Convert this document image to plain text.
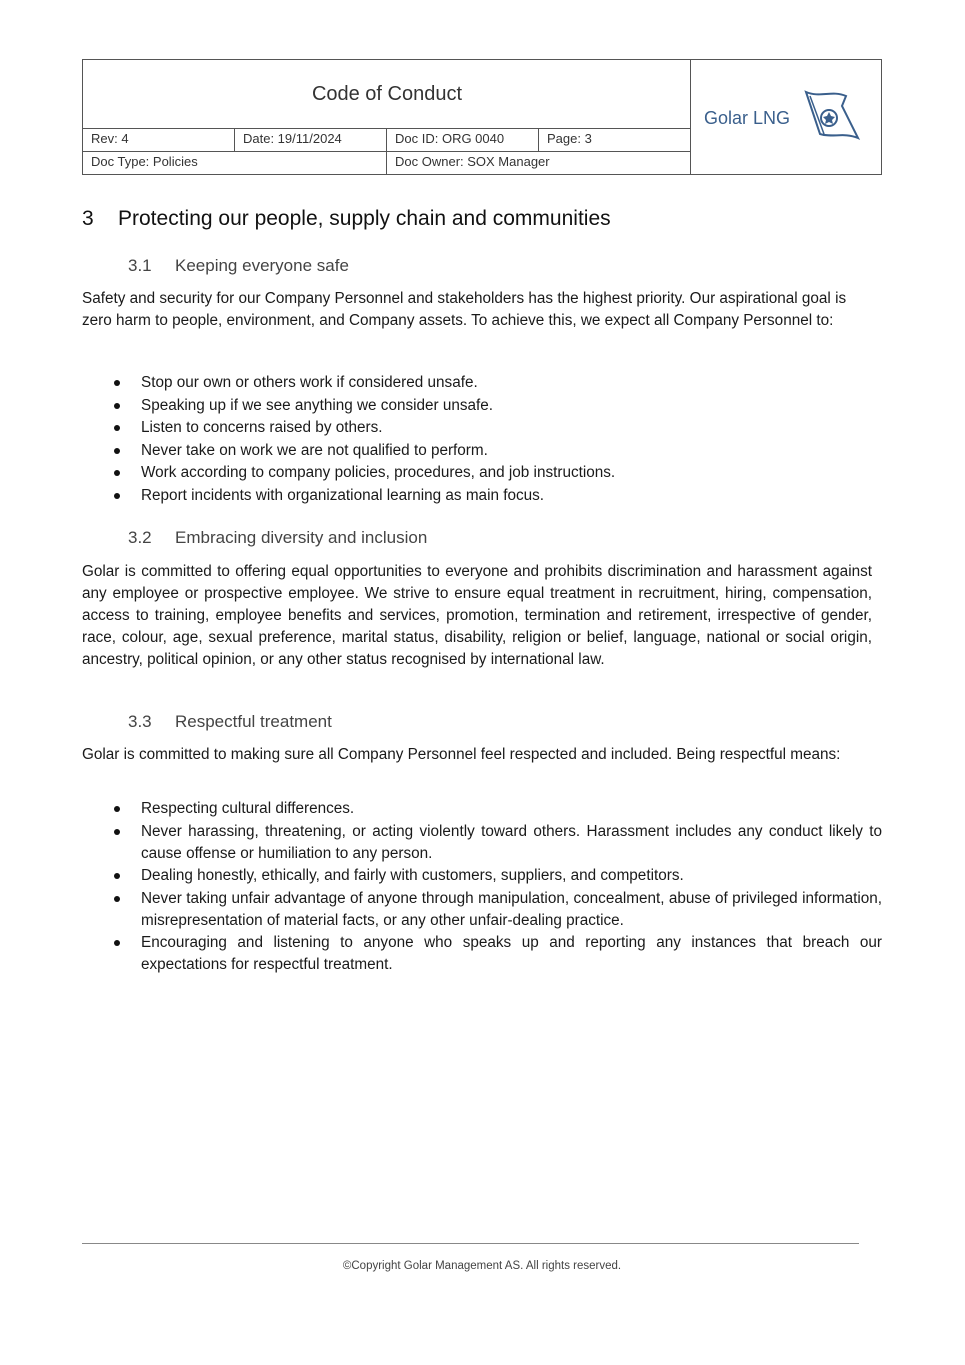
Code of Conduct
Rev: 4	Date: 19/11/2024	Doc ID: ORG 0040	Page: 3
Doc Type: Policies	Doc Owner: SOX Manager
Golar LNG
3 Protecting our people, supply chain and communities
3.1 Keeping everyone safe

Safety and security for our Company Personnel and stakeholders has the highest priority. Our aspirational goal is zero harm to people, environment, and Company assets. To achieve this, we expect all Company Personnel to:

Stop our own or others work if considered unsafe.
Speaking up if we see anything we consider unsafe.
Listen to concerns raised by others.
Never take on work we are not qualified to perform.
Work according to company policies, procedures, and job instructions.
Report incidents with organizational learning as main focus.
3.2 Embracing diversity and inclusion

Golar is committed to offering equal opportunities to everyone and prohibits discrimination and harassment against any employee or prospective employee. We strive to ensure equal treatment in recruitment, hiring, compensation, access to training, employee benefits and services, promotion, termination and retirement, irrespective of gender, race, colour, age, sexual preference, marital status, disability, religion or belief, language, national or social origin, ancestry, political opinion, or any other status recognised by international law.

3.3 Respectful treatment

Golar is committed to making sure all Company Personnel feel respected and included. Being respectful means:

Respecting cultural differences.
Never harassing, threatening, or acting violently toward others. Harassment includes any conduct likely to cause offense or humiliation to any person.
Dealing honestly, ethically, and fairly with customers, suppliers, and competitors.
Never taking unfair advantage of anyone through manipulation, concealment, abuse of privileged information, misrepresentation of material facts, or any other unfair-dealing practice.
Encouraging and listening to anyone who speaks up and reporting any instances that breach our expectations for respectful treatment.
©Copyright Golar Management AS. All rights reserved.
